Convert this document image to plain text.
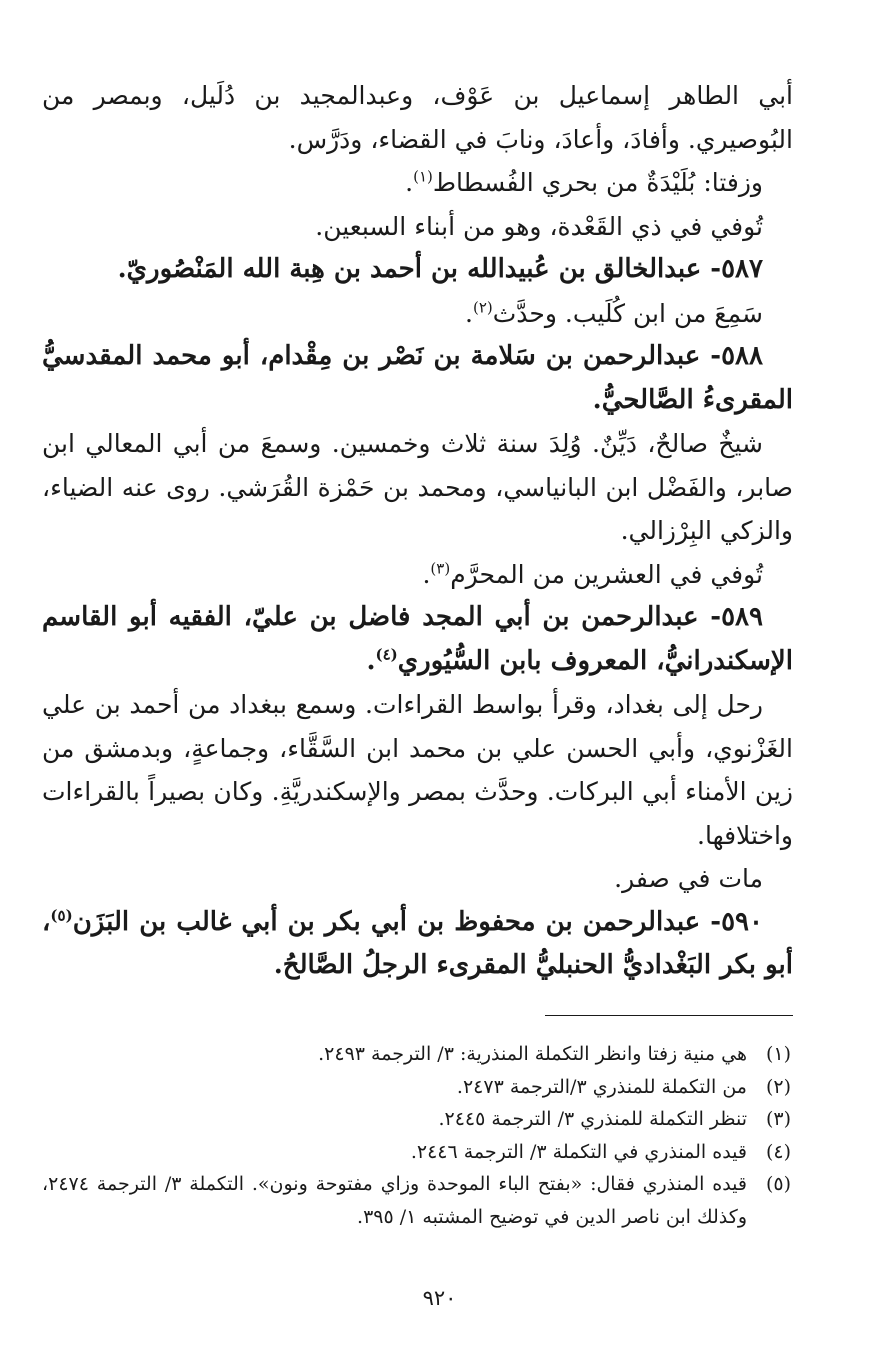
أبي الطاهر إسماعيل بن عَوْف، وعبدالمجيد بن دُلَيل، وبمصر من البُوصيري. وأفادَ، وأعادَ، ونابَ في القضاء، ودَرَّس.

وزفتا: بُلَيْدَةٌ من بحري الفُسطاط$^{(١)}$.

تُوفي في ذي القَعْدة، وهو من أبناء السبعين.

٥٨٧- عبدالخالق بن عُبيدالله بن أحمد بن هِبة الله المَنْصُوريّ.

سَمِعَ من ابن كُلَيب. وحدَّث$^{(٢)}$.

٥٨٨- عبدالرحمن بن سَلامة بن نَصْر بن مِقْدام، أبو محمد المقدسيُّ المقرىءُ الصَّالحيُّ.

شيخٌ صالحٌ، دَيِّنٌ. وُلِدَ سنة ثلاث وخمسين. وسمعَ من أبي المعالي ابن صابر، والفَضْل ابن البانياسي، ومحمد بن حَمْزة القُرَشي. روى عنه الضياء، والزكي البِرْزالي.

تُوفي في العشرين من المحرَّم$^{(٣)}$.

٥٨٩- عبدالرحمن بن أبي المجد فاضل بن عليّ، الفقيه أبو القاسم الإسكندرانيُّ، المعروف بابن السُّيُوري$^{(٤)}$.

رحل إلى بغداد، وقرأ بواسط القراءات. وسمع ببغداد من أحمد بن علي الغَزْنوي، وأبي الحسن علي بن محمد ابن السَّقَّاء، وجماعةٍ، وبدمشق من زين الأمناء أبي البركات. وحدَّث بمصر والإسكندريَّةِ. وكان بصيراً بالقراءات واختلافها.

مات في صفر.

٥٩٠- عبدالرحمن بن محفوظ بن أبي بكر بن أبي غالب بن البَزَن$^{(٥)}$، أبو بكر البَغْداديُّ الحنبليُّ المقرىء الرجلُ الصَّالحُ.

(١)
هي منية زفتا وانظر التكملة المنذرية: ٣/ الترجمة ٢٤٩٣.
(٢)
من التكملة للمنذري ٣/الترجمة ٢٤٧٣.
(٣)
تنظر التكملة للمنذري ٣/ الترجمة ٢٤٤٥.
(٤)
قيده المنذري في التكملة ٣/ الترجمة ٢٤٤٦.
(٥)
قيده المنذري فقال: «بفتح الباء الموحدة وزاي مفتوحة ونون». التكملة ٣/ الترجمة ٢٤٧٤، وكذلك ابن ناصر الدين في توضيح المشتبه ١/ ٣٩٥.
٩٢٠
